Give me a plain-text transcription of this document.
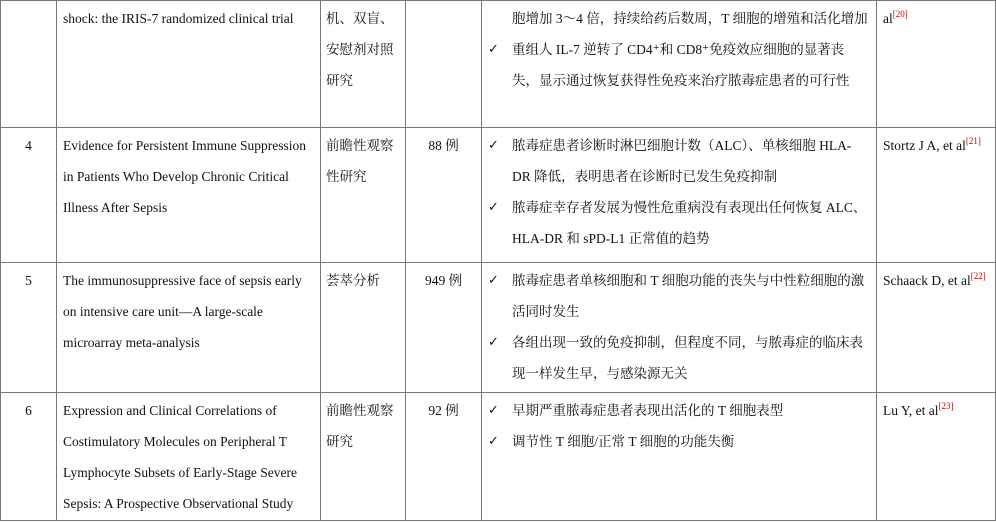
	shock: the IRIS-7 randomized clinical trial	机、双盲、安慰剂对照研究		胞增加 3～4 倍，持续给药后数周，T 细胞的增殖和活化增加
✓ 重组人 IL-7 逆转了 CD4⁺和 CD8⁺免疫效应细胞的显著丧失，显示通过恢复获得性免疫来治疗脓毒症患者的可行性	al[20]
4	Evidence for Persistent Immune Suppression in Patients Who Develop Chronic Critical Illness After Sepsis	前瞻性观察性研究	88 例	✓ 脓毒症患者诊断时淋巴细胞计数（ALC）、单核细胞 HLA-DR 降低，表明患者在诊断时已发生免疫抑制
✓ 脓毒症幸存者发展为慢性危重病没有表现出任何恢复 ALC、HLA-DR 和 sPD-L1 正常值的趋势	Stortz J A, et al[21]
5	The immunosuppressive face of sepsis early on intensive care unit—A large-scale microarray meta-analysis	荟萃分析	949 例	✓ 脓毒症患者单核细胞和 T 细胞功能的丧失与中性粒细胞的激活同时发生
✓ 各组出现一致的免疫抑制，但程度不同，与脓毒症的临床表现一样发生早，与感染源无关	Schaack D, et al[22]
6	Expression and Clinical Correlations of Costimulatory Molecules on Peripheral T Lymphocyte Subsets of Early-Stage Severe Sepsis: A Prospective Observational Study	前瞻性观察研究	92 例	✓ 早期严重脓毒症患者表现出活化的 T 细胞表型
✓ 调节性 T 细胞/正常 T 细胞的功能失衡	Lu Y, et al[23]
